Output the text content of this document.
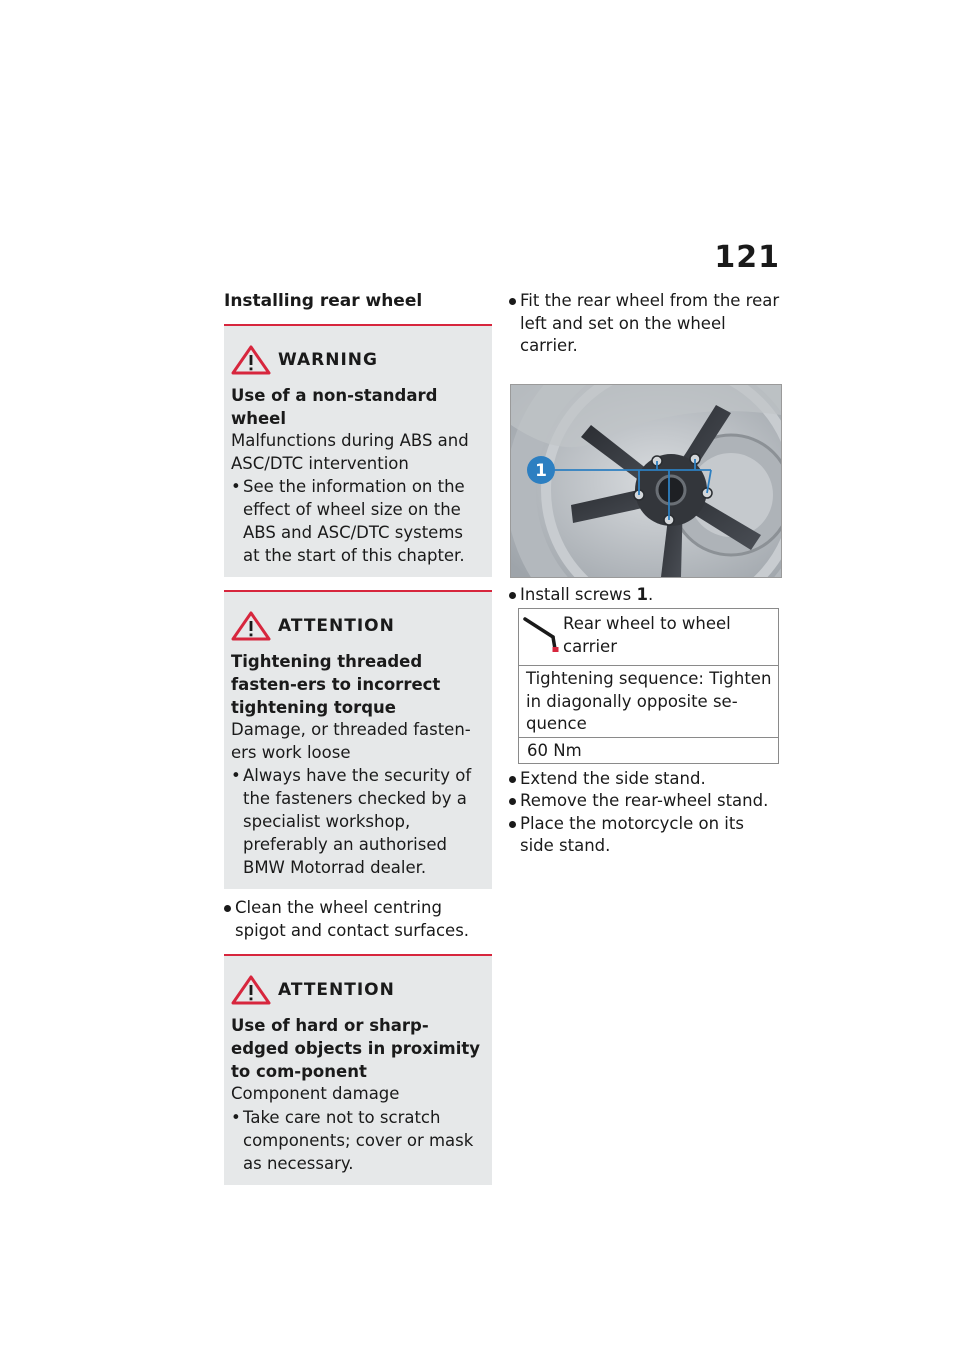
121
Installing rear wheel
WARNING
Use of a non-standard wheel
Malfunctions during ABS and ASC/DTC intervention
• See the information on the effect of wheel size on the ABS and ASC/DTC systems at the start of this chapter.
ATTENTION
Tightening threaded fasten-ers to incorrect tightening torque
Damage, or threaded fasten-ers work loose
• Always have the security of the fasteners checked by a specialist workshop, preferably an authorised BMW Motorrad dealer.
Clean the wheel centring spigot and contact surfaces.
ATTENTION
Use of hard or sharp-edged objects in proximity to com-ponent
Component damage
• Take care not to scratch components; cover or mask as necessary.
Fit the rear wheel from the rear left and set on the wheel carrier.
1
Install screws 1.
Rear wheel to wheel carrier
Tightening sequence: Tighten in diagonally opposite se-quence
60 Nm
Extend the side stand.
Remove the rear-wheel stand.
Place the motorcycle on its side stand.
